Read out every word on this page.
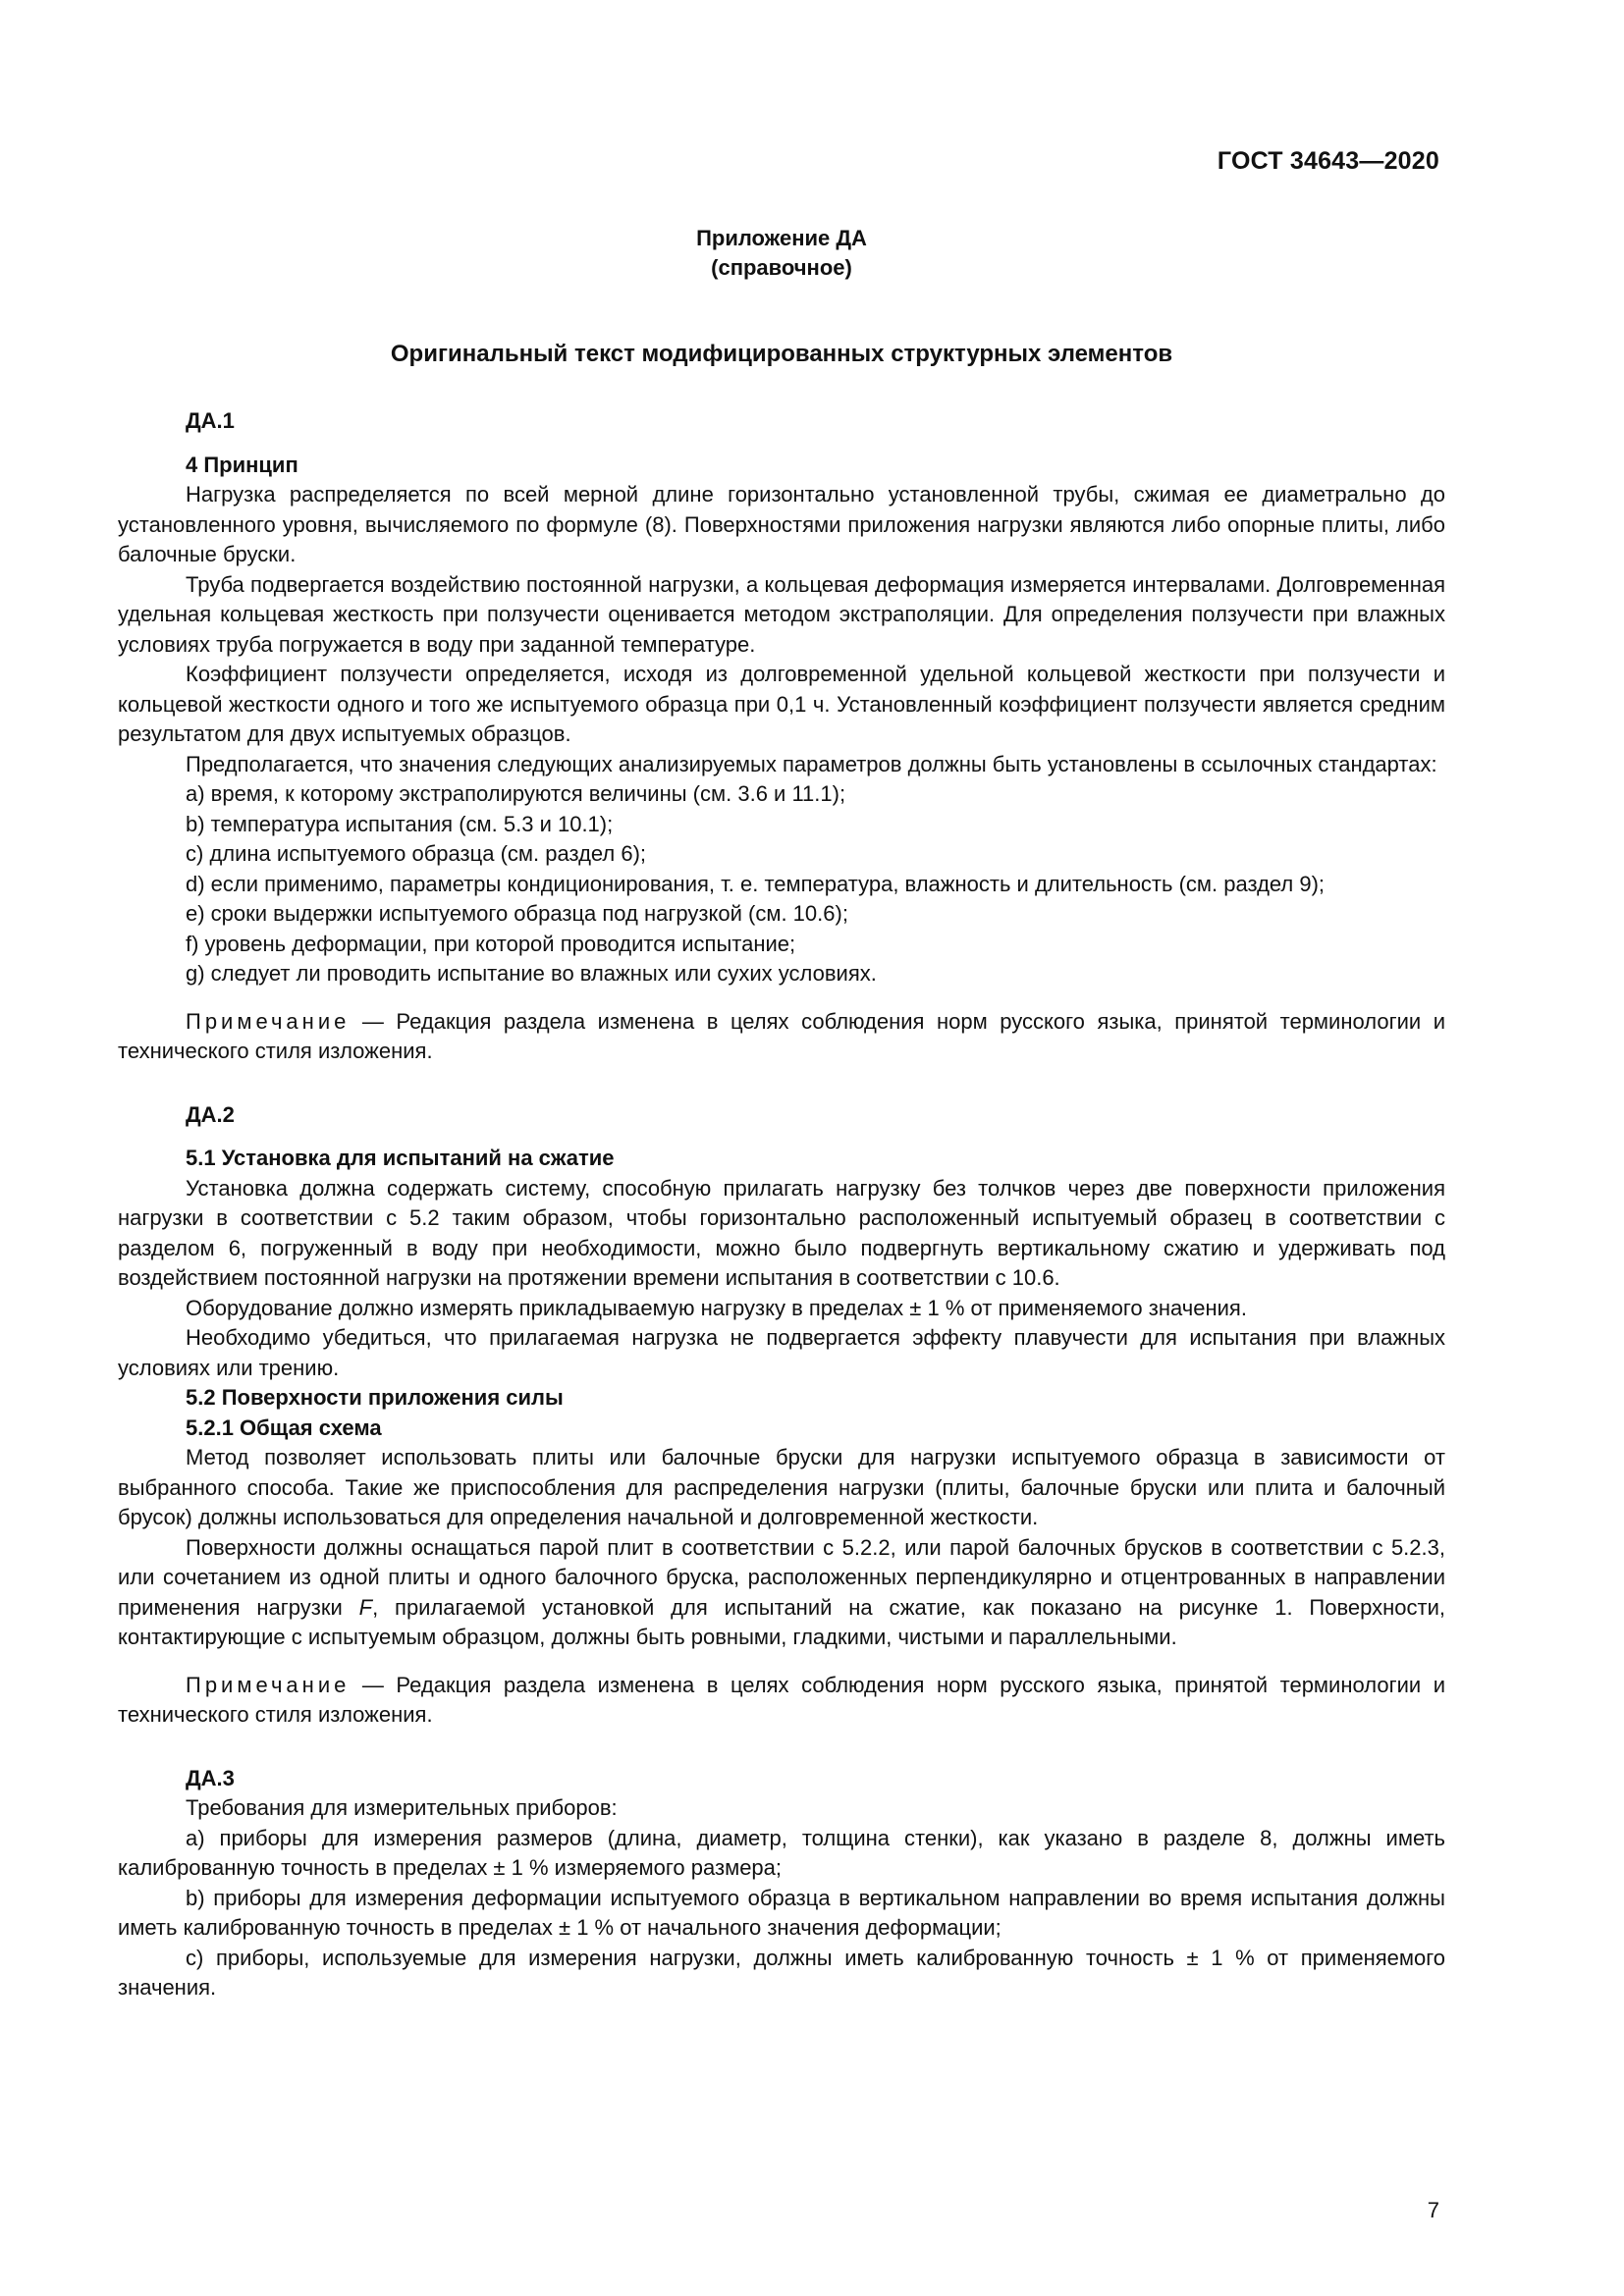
ГОСТ 34643—2020
Приложение ДА
(справочное)
Оригинальный текст модифицированных структурных элементов
ДА.1
4 Принцип

Нагрузка распределяется по всей мерной длине горизонтально установленной трубы, сжимая ее диаметрально до установленного уровня, вычисляемого по формуле (8). Поверхностями приложения нагрузки являются либо опорные плиты, либо балочные бруски.

Труба подвергается воздействию постоянной нагрузки, а кольцевая деформация измеряется интервалами. Долговременная удельная кольцевая жесткость при ползучести оценивается методом экстраполяции. Для определения ползучести при влажных условиях труба погружается в воду при заданной температуре.

Коэффициент ползучести определяется, исходя из долговременной удельной кольцевой жесткости при ползучести и кольцевой жесткости одного и того же испытуемого образца при 0,1 ч. Установленный коэффициент ползучести является средним результатом для двух испытуемых образцов.

Предполагается, что значения следующих анализируемых параметров должны быть установлены в ссылочных стандартах:

a) время, к которому экстраполируются величины (см. 3.6 и 11.1);
b) температура испытания (см. 5.3 и 10.1);
c) длина испытуемого образца (см. раздел 6);
d) если применимо, параметры кондиционирования, т. е. температура, влажность и длительность (см. раздел 9);
e) сроки выдержки испытуемого образца под нагрузкой (см. 10.6);
f) уровень деформации, при которой проводится испытание;
g) следует ли проводить испытание во влажных или сухих условиях.

Примечание — Редакция раздела изменена в целях соблюдения норм русского языка, принятой терминологии и технического стиля изложения.

ДА.2
5.1 Установка для испытаний на сжатие

Установка должна содержать систему, способную прилагать нагрузку без толчков через две поверхности приложения нагрузки в соответствии с 5.2 таким образом, чтобы горизонтально расположенный испытуемый образец в соответствии с разделом 6, погруженный в воду при необходимости, можно было подвергнуть вертикальному сжатию и удерживать под воздействием постоянной нагрузки на протяжении времени испытания в соответствии с 10.6.

Оборудование должно измерять прикладываемую нагрузку в пределах ± 1 % от применяемого значения.

Необходимо убедиться, что прилагаемая нагрузка не подвергается эффекту плавучести для испытания при влажных условиях или трению.

5.2 Поверхности приложения силы
5.2.1 Общая схема

Метод позволяет использовать плиты или балочные бруски для нагрузки испытуемого образца в зависимости от выбранного способа. Такие же приспособления для распределения нагрузки (плиты, балочные бруски или плита и балочный брусок) должны использоваться для определения начальной и долговременной жесткости.

Поверхности должны оснащаться парой плит в соответствии с 5.2.2, или парой балочных брусков в соответствии с 5.2.3, или сочетанием из одной плиты и одного балочного бруска, расположенных перпендикулярно и отцентрованных в направлении применения нагрузки F, прилагаемой установкой для испытаний на сжатие, как показано на рисунке 1. Поверхности, контактирующие с испытуемым образцом, должны быть ровными, гладкими, чистыми и параллельными.

Примечание — Редакция раздела изменена в целях соблюдения норм русского языка, принятой терминологии и технического стиля изложения.

ДА.3

Требования для измерительных приборов:

a) приборы для измерения размеров (длина, диаметр, толщина стенки), как указано в разделе 8, должны иметь калиброванную точность в пределах ± 1 % измеряемого размера;

b) приборы для измерения деформации испытуемого образца в вертикальном направлении во время испытания должны иметь калиброванную точность в пределах ± 1 % от начального значения деформации;

c) приборы, используемые для измерения нагрузки, должны иметь калиброванную точность ± 1 % от применяемого значения.

7
